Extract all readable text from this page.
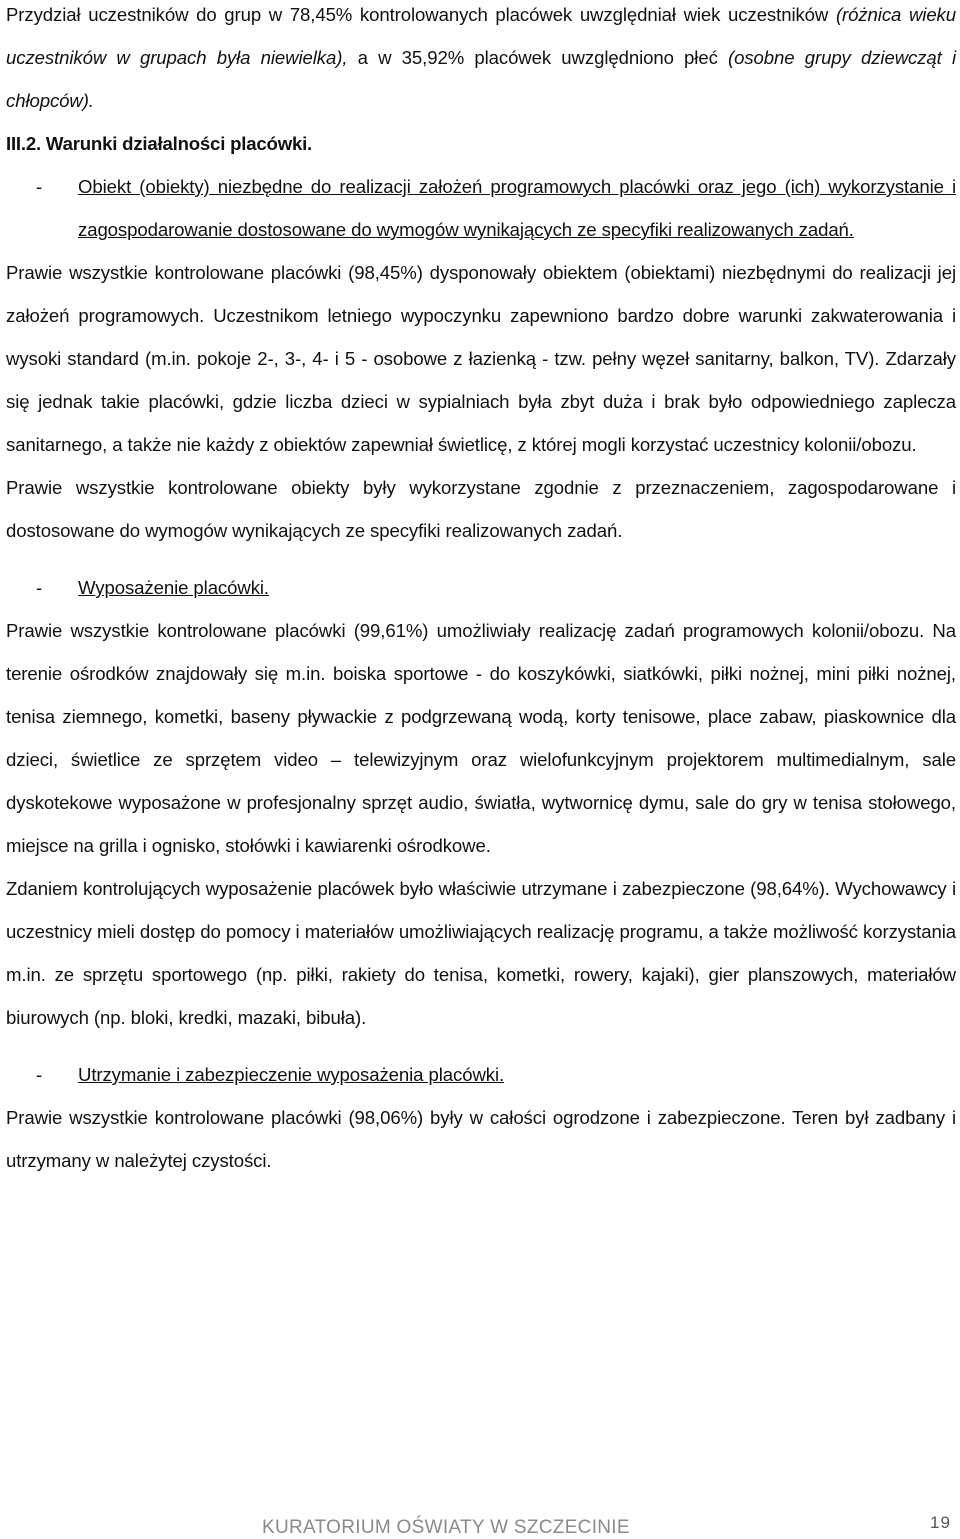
Przydział uczestników do grup w 78,45% kontrolowanych placówek uwzględniał wiek uczestników (różnica wieku uczestników w grupach była niewielka), a w 35,92% placówek uwzględniono płeć (osobne grupy dziewcząt i chłopców).

III.2. Warunki działalności placówki.

-	Obiekt (obiekty) niezbędne do realizacji założeń programowych placówki oraz jego (ich) wykorzystanie i zagospodarowanie dostosowane do wymogów wynikających ze specyfiki realizowanych zadań.

Prawie wszystkie kontrolowane placówki (98,45%) dysponowały obiektem (obiektami) niezbędnymi do realizacji jej założeń programowych. Uczestnikom letniego wypoczynku zapewniono bardzo dobre warunki zakwaterowania i wysoki standard (m.in. pokoje 2-, 3-, 4- i 5 - osobowe z łazienką - tzw. pełny węzeł sanitarny, balkon, TV). Zdarzały się jednak takie placówki, gdzie liczba dzieci w sypialniach była zbyt duża i brak było odpowiedniego zaplecza sanitarnego, a także nie każdy z obiektów zapewniał świetlicę, z której mogli korzystać uczestnicy kolonii/obozu.

Prawie wszystkie kontrolowane obiekty były wykorzystane zgodnie z przeznaczeniem, zagospodarowane i dostosowane do wymogów wynikających ze specyfiki realizowanych zadań.

-	Wyposażenie placówki.

Prawie wszystkie kontrolowane placówki (99,61%) umożliwiały realizację zadań programowych kolonii/obozu. Na terenie ośrodków znajdowały się m.in. boiska sportowe - do koszykówki, siatkówki, piłki nożnej, mini piłki nożnej, tenisa ziemnego, kometki, baseny pływackie z podgrzewaną wodą, korty tenisowe, place zabaw, piaskownice dla dzieci, świetlice ze sprzętem video – telewizyjnym oraz wielofunkcyjnym projektorem multimedialnym, sale dyskotekowe wyposażone w profesjonalny sprzęt audio, światła, wytwornicę dymu, sale do gry w tenisa stołowego, miejsce na grilla i ognisko, stołówki i kawiarenki ośrodkowe.

Zdaniem kontrolujących wyposażenie placówek było właściwie utrzymane i zabezpieczone (98,64%). Wychowawcy i uczestnicy mieli dostęp do pomocy i materiałów umożliwiających realizację programu, a także możliwość korzystania m.in. ze sprzętu sportowego (np. piłki, rakiety do tenisa, kometki, rowery, kajaki), gier planszowych, materiałów biurowych (np. bloki, kredki, mazaki, bibuła).

-	Utrzymanie i zabezpieczenie wyposażenia placówki.

Prawie wszystkie kontrolowane placówki (98,06%) były w całości ogrodzone i zabezpieczone. Teren był zadbany i utrzymany w należytej czystości.

KURATORIUM OŚWIATY W SZCZECINIE	19
